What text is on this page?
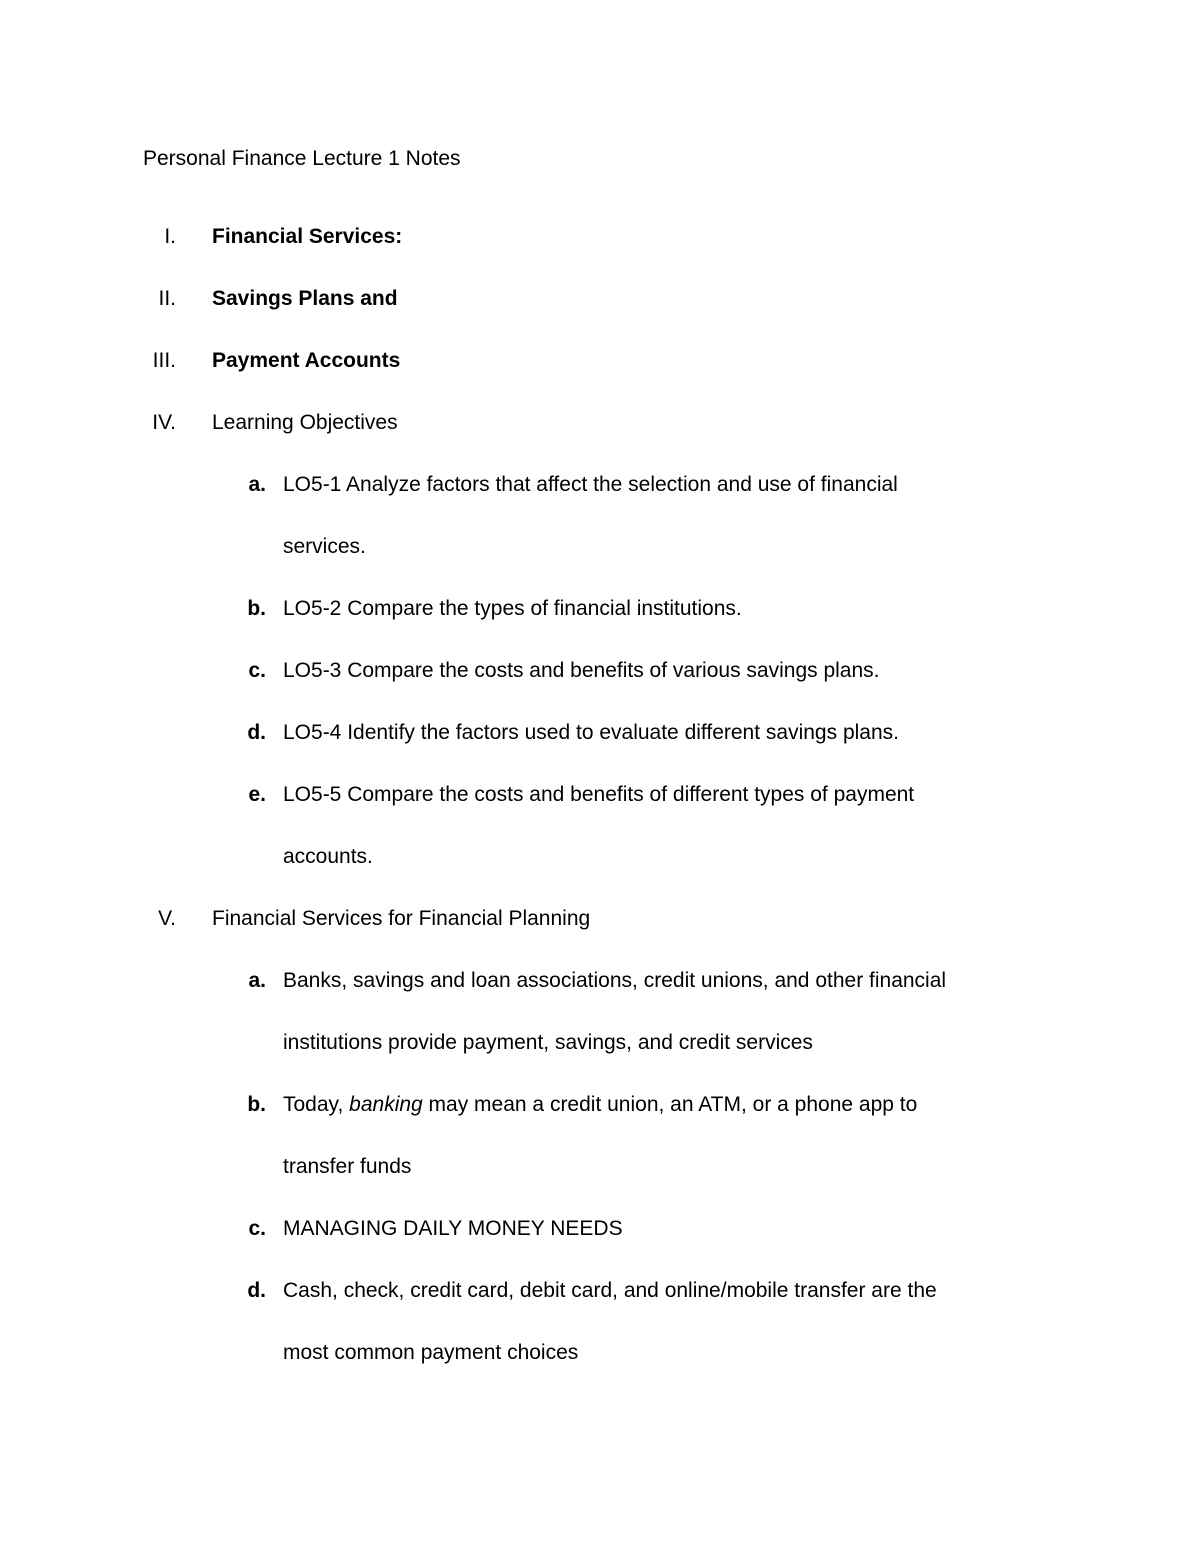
Personal Finance Lecture 1 Notes
I. Financial Services:
II. Savings Plans and
III. Payment Accounts
IV. Learning Objectives
a. LO5-1 Analyze factors that affect the selection and use of financial
services.
b. LO5-2 Compare the types of financial institutions.
c. LO5-3 Compare the costs and benefits of various savings plans.
d. LO5-4 Identify the factors used to evaluate different savings plans.
e. LO5-5 Compare the costs and benefits of different types of payment
accounts.
V. Financial Services for Financial Planning
a. Banks, savings and loan associations, credit unions, and other financial
institutions provide payment, savings, and credit services
b. Today, banking may mean a credit union, an ATM, or a phone app to
transfer funds
c. MANAGING DAILY MONEY NEEDS
d. Cash, check, credit card, debit card, and online/mobile transfer are the
most common payment choices
